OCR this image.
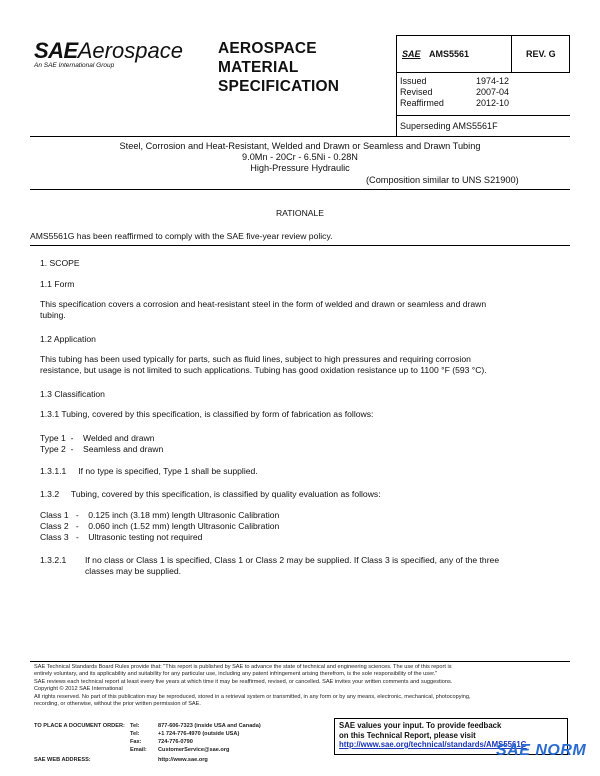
SAEAerospace
An SAE International Group
AEROSPACE
MATERIAL
SPECIFICATION
SAE AMS5561	REV. G
Issued	1974-12
Revised	2007-04
Reaffirmed	2012-10
Superseding AMS5561F
Steel, Corrosion and Heat-Resistant, Welded and Drawn or Seamless and Drawn Tubing
9.0Mn - 20Cr - 6.5Ni - 0.28N
High-Pressure Hydraulic
(Composition similar to UNS S21900)
RATIONALE
AMS5561G has been reaffirmed to comply with the SAE five-year review policy.
1. SCOPE
1.1 Form
This specification covers a corrosion and heat-resistant steel in the form of welded and drawn or seamless and drawn
tubing.
1.2 Application
This tubing has been used typically for parts, such as fluid lines, subject to high pressures and requiring corrosion
resistance, but usage is not limited to such applications. Tubing has good oxidation resistance up to 1100 °F (593 °C).
1.3 Classification
1.3.1 Tubing, covered by this specification, is classified by form of fabrication as follows:
Type 1  -    Welded and drawn
Type 2  -    Seamless and drawn
1.3.1.1     If no type is specified, Type 1 shall be supplied.
1.3.2     Tubing, covered by this specification, is classified by quality evaluation as follows:
Class 1   -    0.125 inch (3.18 mm) length Ultrasonic Calibration
Class 2   -    0.060 inch (1.52 mm) length Ultrasonic Calibration
Class 3   -    Ultrasonic testing not required
1.3.2.1 If no class or Class 1 is specified, Class 1 or Class 2 may be supplied. If Class 3 is specified, any of the three
classes may be supplied.
SAE Technical Standards Board Rules provide that: "This report is published by SAE to advance the state of technical and engineering sciences. The use of this report is
entirely voluntary, and its applicability and suitability for any particular use, including any patent infringement arising therefrom, is the sole responsibility of the user."
SAE reviews each technical report at least every five years at which time it may be reaffirmed, revised, or cancelled. SAE invites your written comments and suggestions.
Copyright © 2012 SAE International
All rights reserved. No part of this publication may be reproduced, stored in a retrieval system or transmitted, in any form or by any means, electronic, mechanical, photocopying,
recording, or otherwise, without the prior written permission of SAE.
TO PLACE A DOCUMENT ORDER: Tel:	877-606-7323 (inside USA and Canada)
Tel:	+1 724-776-4970 (outside USA)
Fax:	724-776-0790
Email: CustomerService@sae.org
SAE WEB ADDRESS:	http://www.sae.org
SAE values your input. To provide feedback
on this Technical Report, please visit
http://www.sae.org/technical/standards/AMS5561G
SAE NORM
